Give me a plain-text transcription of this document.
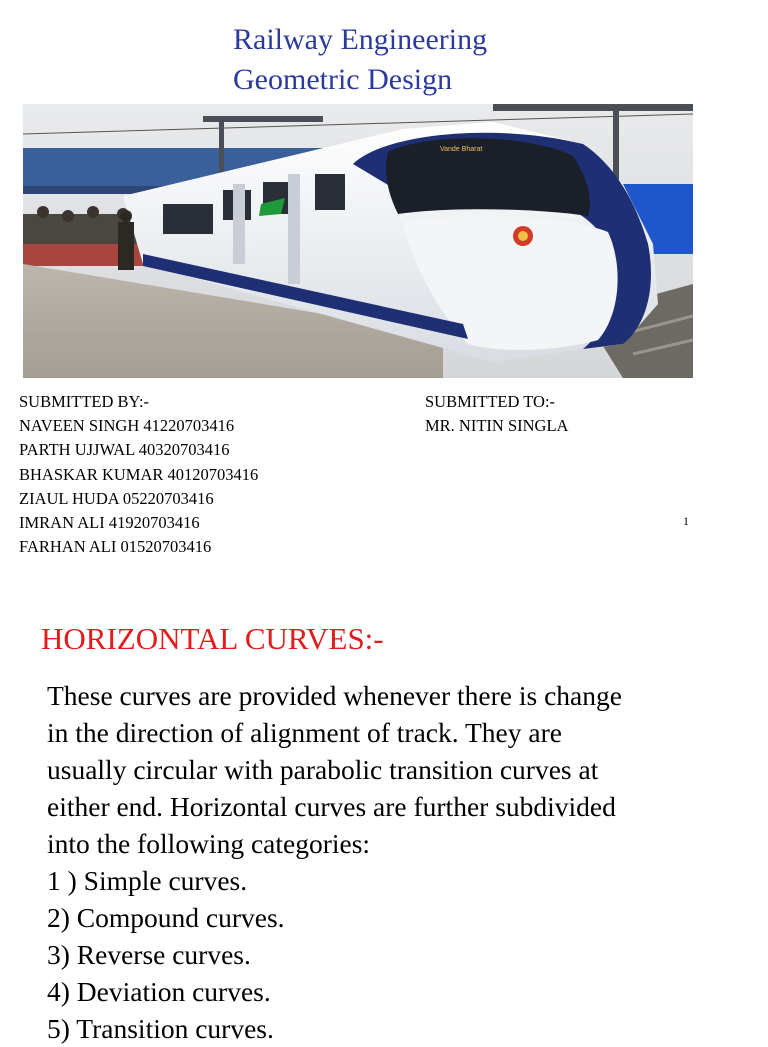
Railway Engineering
Geometric Design
SUBMITTED BY:-
NAVEEN SINGH 41220703416
PARTH UJJWAL 40320703416
BHASKAR KUMAR 40120703416
ZIAUL HUDA 05220703416
IMRAN ALI 41920703416
FARHAN ALI 01520703416
SUBMITTED TO:-
MR. NITIN SINGLA
1
HORIZONTAL CURVES:-
These curves are provided whenever there is change
in the direction of alignment of track. They are
usually circular with parabolic transition curves at
either end. Horizontal curves are further subdivided
into the following categories:
1 ) Simple curves.
2) Compound curves.
3) Reverse curves.
4) Deviation curves.
5) Transition curves.
Vande Bharat
